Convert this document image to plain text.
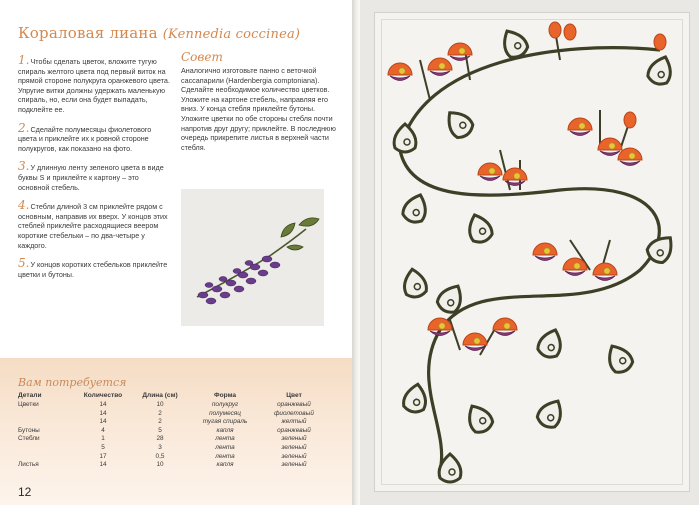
Кораловая лиана (Kennedia coccinea)
1.Чтобы сделать цветок, вложите тугую спираль желтого цвета под первый виток на прямой стороне полукруга оранжевого цвета. Упругие витки должны удержать маленькую спираль, но, если она будет выпадать, подклейте ее.
2.Сделайте полумесяцы фиолетового цвета и приклейте их к ровной стороне полукругов, как показано на фото.
3.У длинную ленту зеленого цвета в виде буквы S и приклейте к картону – это основной стебель.
4.Стебли длиной 3 см приклейте рядом с основным, направив их вверх. У концов этих стеблей приклейте расходящиеся веером короткие стебельки – по два-четыре у каждого.
5.У концов коротких стебельков приклейте цветки и бутоны.
Совет
Аналогично изготовьте панно с веточкой сассапарили (Hardenbergia comptoniana). Сделайте необходимое количество цветков. Уложите на картоне стебель, направляя его вниз. У конца стебля приклейте бутоны. Уложите цветки по обе стороны стебля почти напротив друг другу; приклейте. В последнюю очередь прикрепите листья в верхней части стебля.
Вам потребуется
Детали	Количество	Длина (см)	Форма	Цвет
Цветки	14	10	полукруг	оранжевый
	14	2	полумесяц	фиолетовый
	14	2	тугая спираль	желтый
Бутоны	4	5	капля	оранжевый
Стебли	1	28	лента	зеленый
	5	3	лента	зеленый
	17	0,5	лента	зеленый
Листья	14	10	капля	зеленый
12
